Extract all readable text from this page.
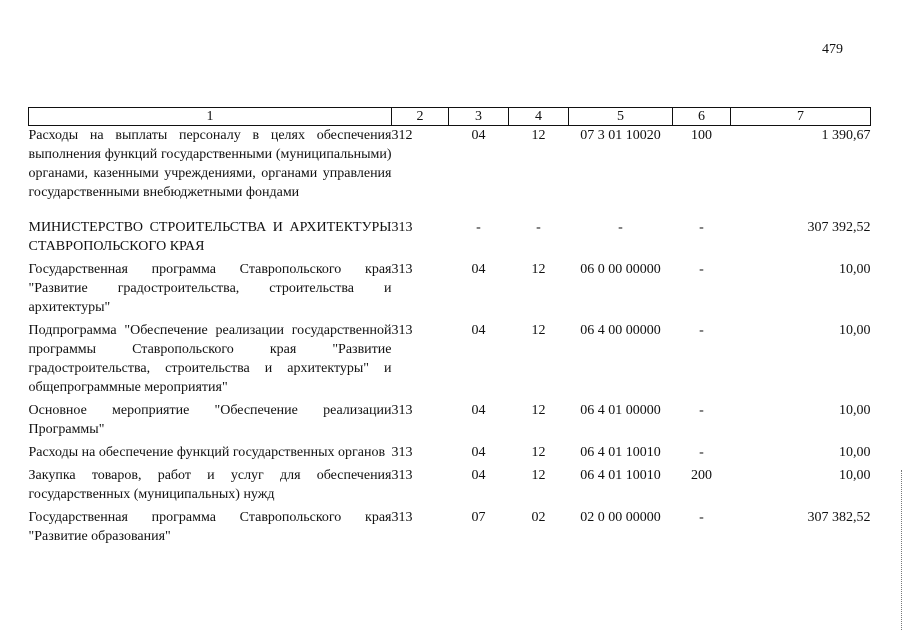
479
1	2	3	4	5	6	7
Расходы на выплаты персоналу в целях обеспечения выполнения функций государственными (муниципальными) органами, казенными учреждениями, органами управления государственными внебюджетными фондами	312	04	12	07 3 01 10020	100	1 390,67
МИНИСТЕРСТВО СТРОИТЕЛЬСТВА И АРХИТЕКТУРЫ СТАВРОПОЛЬСКОГО КРАЯ	313	-	-	-	-	307 392,52
Государственная программа Ставропольского края "Развитие градостроительства, строительства и архитектуры"	313	04	12	06 0 00 00000	-	10,00
Подпрограмма "Обеспечение реализации государственной программы Ставропольского края "Развитие градостроительства, строительства и архитектуры" и общепрограммные мероприятия"	313	04	12	06 4 00 00000	-	10,00
Основное мероприятие "Обеспечение реализации Программы"	313	04	12	06 4 01 00000	-	10,00
Расходы на обеспечение функций государственных органов	313	04	12	06 4 01 10010	-	10,00
Закупка товаров, работ и услуг для обеспечения государственных (муниципальных) нужд	313	04	12	06 4 01 10010	200	10,00
Государственная программа Ставропольского края "Развитие образования"	313	07	02	02 0 00 00000	-	307 382,52
